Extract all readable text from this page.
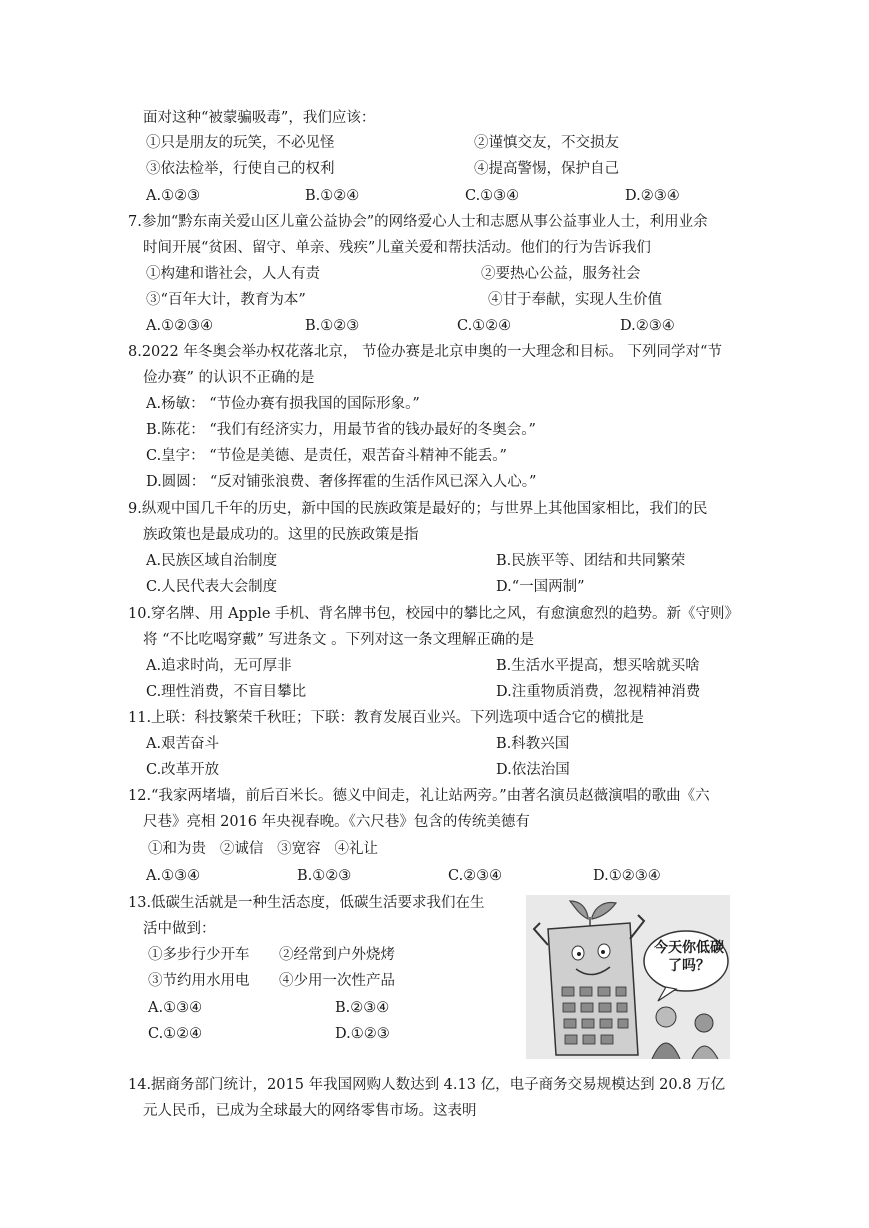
面对这种“被蒙骗吸毒”，我们应该：
①只是朋友的玩笑，不必见怪	②谨慎交友，不交损友
③依法检举，行使自己的权利	④提高警惕，保护自己
A.①②③	B.①②④	C.①③④	D.②③④
7.参加“黔东南关爱山区儿童公益协会”的网络爱心人士和志愿从事公益事业人士，利用业余
时间开展“贫困、留守、单亲、残疾”儿童关爱和帮扶活动。他们的行为告诉我们
①构建和谐社会，人人有责	②要热心公益，服务社会
③“百年大计，教育为本”	④甘于奉献，实现人生价值
A.①②③④	B.①②③	C.①②④	D.②③④
8.2022 年冬奥会举办权花落北京， 节俭办赛是北京申奥的一大理念和目标。 下列同学对“节
俭办赛” 的认识不正确的是
A.杨敏： “节俭办赛有损我国的国际形象。”
B.陈花： “我们有经济实力，用最节省的钱办最好的冬奥会。”
C.皇宇： “节俭是美德、是责任，艰苦奋斗精神不能丢。”
D.圆圆： “反对铺张浪费、奢侈挥霍的生活作风已深入人心。”
9.纵观中国几千年的历史，新中国的民族政策是最好的；与世界上其他国家相比，我们的民
族政策也是最成功的。这里的民族政策是指
A.民族区域自治制度	B.民族平等、团结和共同繁荣
C.人民代表大会制度	D.“一国两制”
10.穿名牌、用 Apple 手机、背名牌书包，校园中的攀比之风，有愈演愈烈的趋势。新《守则》
将 “不比吃喝穿戴” 写进条文 。下列对这一条文理解正确的是
A.追求时尚，无可厚非	B.生活水平提高，想买啥就买啥
C.理性消费，不盲目攀比	D.注重物质消费，忽视精神消费
11.上联：科技繁荣千秋旺；下联：教育发展百业兴。下列选项中适合它的横批是
A.艰苦奋斗	B.科教兴国
C.改革开放	D.依法治国
12.“我家两堵墙，前后百米长。德义中间走，礼让站两旁。”由著名演员赵薇演唱的歌曲《六
尺巷》亮相 2016 年央视春晚。《六尺巷》包含的传统美德有
①和为贵   ②诚信   ③宽容   ④礼让
A.①③④	B.①②③	C.②③④	D.①②③④
13.低碳生活就是一种生活态度，低碳生活要求我们在生
活中做到：
①多步行少开车 ②经常到户外烧烤
③节约用水用电 ④少用一次性产品
A.①③④	B.②③④
C.①②④	D.①②③
今天你低碳了吗？
14.据商务部门统计，2015 年我国网购人数达到 4.13 亿，电子商务交易规模达到 20.8 万亿
元人民币，已成为全球最大的网络零售市场。这表明
